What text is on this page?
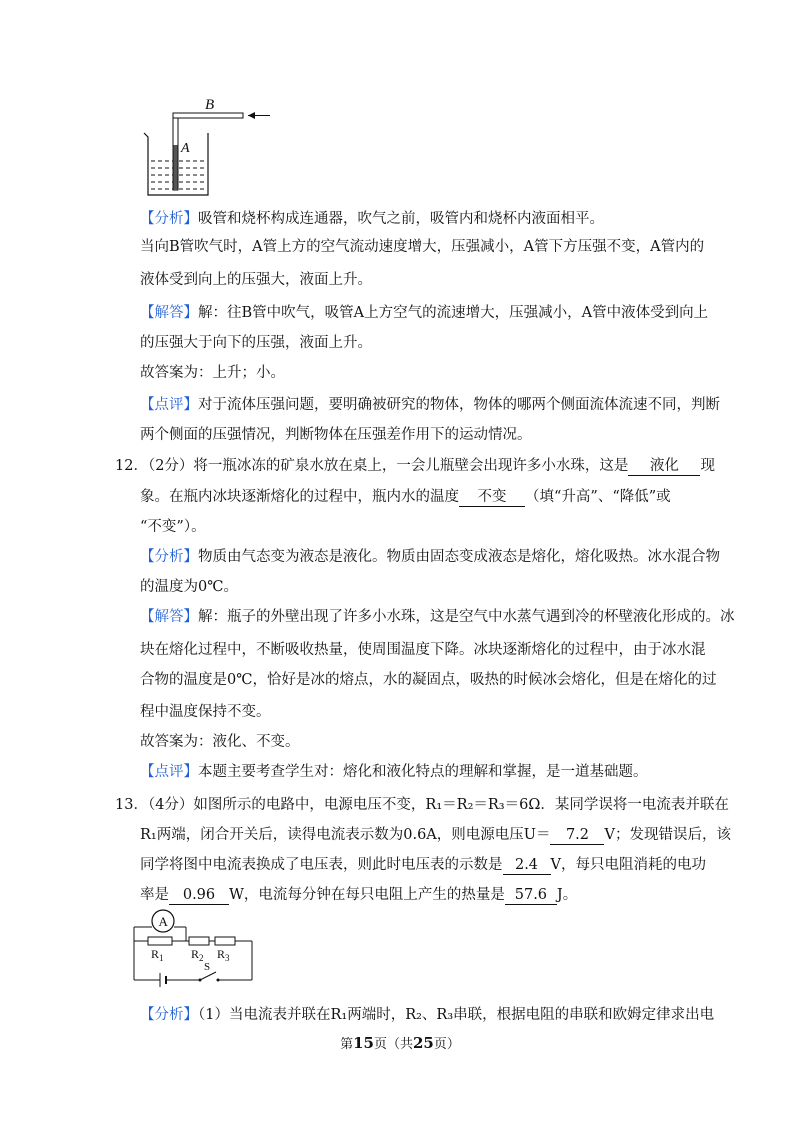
B
A
【分析】吸管和烧杯构成连通器，吹气之前，吸管内和烧杯内液面相平。
当向B管吹气时，A管上方的空气流动速度增大，压强减小，A管下方压强不变，A管内的
液体受到向上的压强大，液面上升。
【解答】解：往B管中吹气，吸管A上方空气的流速增大，压强减小，A管中液体受到向上
的压强大于向下的压强，液面上升。
故答案为：上升；小。
【点评】对于流体压强问题，要明确被研究的物体，物体的哪两个侧面流体流速不同，判断
两个侧面的压强情况，判断物体在压强差作用下的运动情况。
12．（2分）将一瓶冰冻的矿泉水放在桌上，一会儿瓶壁会出现许多小水珠，这是 液化 现
象。在瓶内冰块逐渐熔化的过程中，瓶内水的温度 不变 （填“升高”、“降低”或
“不变”）。
【分析】物质由气态变为液态是液化。物质由固态变成液态是熔化，熔化吸热。冰水混合物
的温度为0℃。
【解答】解：瓶子的外壁出现了许多小水珠，这是空气中水蒸气遇到冷的杯壁液化形成的。冰
块在熔化过程中，不断吸收热量，使周围温度下降。冰块逐渐熔化的过程中，由于冰水混
合物的温度是0℃，恰好是冰的熔点，水的凝固点，吸热的时候冰会熔化，但是在熔化的过
程中温度保持不变。
故答案为：液化、不变。
【点评】本题主要考查学生对：熔化和液化特点的理解和掌握，是一道基础题。
13．（4分）如图所示的电路中，电源电压不变，R₁＝R₂＝R₃＝6Ω．某同学误将一电流表并联在
R₁两端，闭合开关后，读得电流表示数为0.6A，则电源电压U＝ 7.2 V；发现错误后，该
同学将图中电流表换成了电压表，则此时电压表的示数是 2.4 V，每只电阻消耗的电功
率是 0.96 W，电流每分钟在每只电阻上产生的热量是 57.6 J。
A
$R_1$ $R_2$ $R_3$
S
【分析】（1）当电流表并联在R₁两端时，R₂、R₃串联，根据电阻的串联和欧姆定律求出电
第15页（共25页）
